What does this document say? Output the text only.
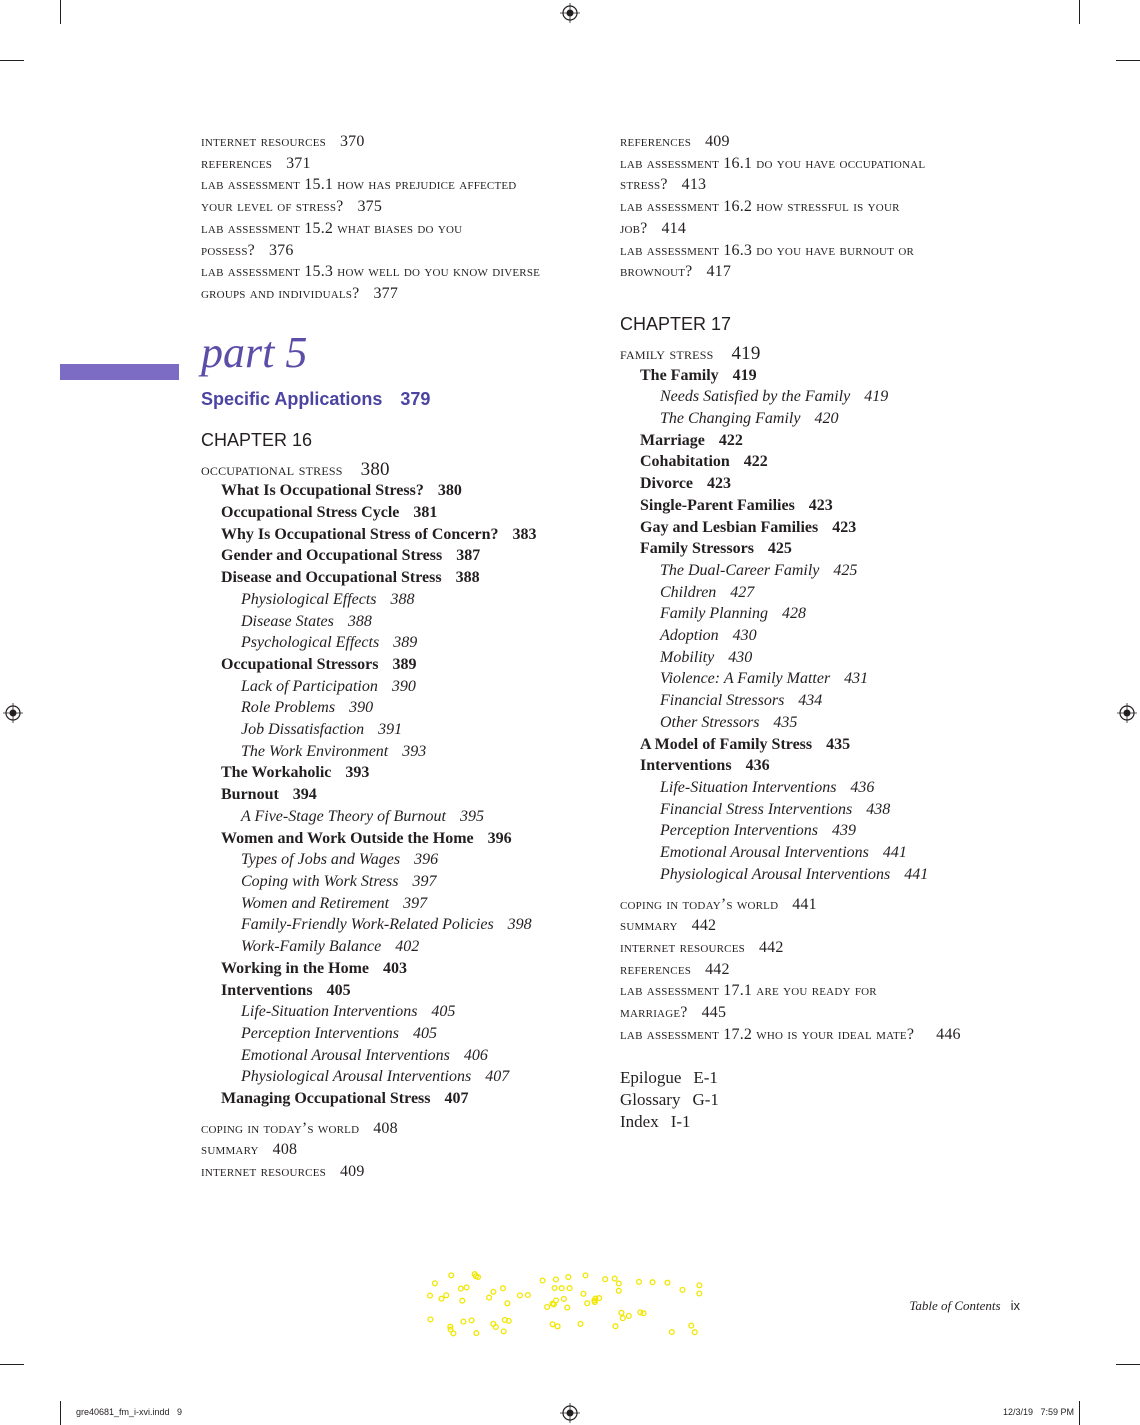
internet resources 370
references 371
lab assessment 15.1 how has prejudice affected
your level of stress? 375
lab assessment 15.2 what biases do you
possess? 376
lab assessment 15.3 how well do you know diverse
groups and individuals? 377
part 5
Specific Applications 379
CHAPTER 16
occupational stress 380
What Is Occupational Stress? 380
Occupational Stress Cycle 381
Why Is Occupational Stress of Concern? 383
Gender and Occupational Stress 387
Disease and Occupational Stress 388
Physiological Effects 388
Disease States 388
Psychological Effects 389
Occupational Stressors 389
Lack of Participation 390
Role Problems 390
Job Dissatisfaction 391
The Work Environment 393
The Workaholic 393
Burnout 394
A Five-Stage Theory of Burnout 395
Women and Work Outside the Home 396
Types of Jobs and Wages 396
Coping with Work Stress 397
Women and Retirement 397
Family-Friendly Work-Related Policies 398
Work-Family Balance 402
Working in the Home 403
Interventions 405
Life-Situation Interventions 405
Perception Interventions 405
Emotional Arousal Interventions 406
Physiological Arousal Interventions 407
Managing Occupational Stress 407
coping in today’s world 408
summary 408
internet resources 409
references 409
lab assessment 16.1 do you have occupational
stress? 413
lab assessment 16.2 how stressful is your
job? 414
lab assessment 16.3 do you have burnout or
brownout? 417
CHAPTER 17
family stress 419
The Family 419
Needs Satisfied by the Family 419
The Changing Family 420
Marriage 422
Cohabitation 422
Divorce 423
Single-Parent Families 423
Gay and Lesbian Families 423
Family Stressors 425
The Dual-Career Family 425
Children 427
Family Planning 428
Adoption 430
Mobility 430
Violence: A Family Matter 431
Financial Stressors 434
Other Stressors 435
A Model of Family Stress 435
Interventions 436
Life-Situation Interventions 436
Financial Stress Interventions 438
Perception Interventions 439
Emotional Arousal Interventions 441
Physiological Arousal Interventions 441
coping in today’s world 441
summary 442
internet resources 442
references 442
lab assessment 17.1 are you ready for
marriage? 445
lab assessment 17.2 who is your ideal mate? 446
Epilogue E-1
Glossary G-1
Index I-1
Table of Contents ix
gre40681_fm_i-xvi.indd   9	12/3/19   7:59 PM
